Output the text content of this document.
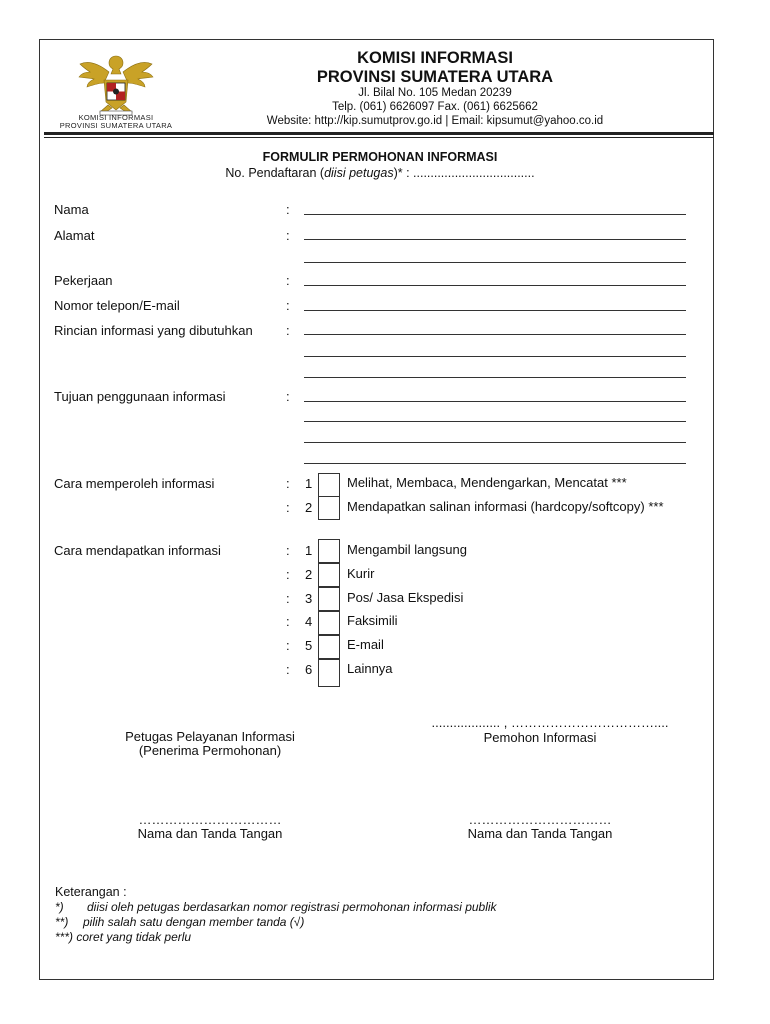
KOMISI INFORMASI
PROVINSI SUMATERA UTARA
KOMISI INFORMASI
PROVINSI SUMATERA UTARA
Jl. Bilal No. 105 Medan 20239
Telp. (061) 6626097 Fax. (061) 6625662
Website: http://kip.sumutprov.go.id | Email: kipsumut@yahoo.co.id
FORMULIR PERMOHONAN INFORMASI
No. Pendaftaran (diisi petugas)* : ...................................
Nama	:
Alamat	:
Pekerjaan	:
Nomor telepon/E-mail	:
Rincian informasi yang dibutuhkan	:
Tujuan penggunaan informasi	:
Cara memperoleh informasi	: 1	Melihat, Membaca, Mendengarkan, Mencatat ***
: 2	Mendapatkan salinan informasi (hardcopy/softcopy) ***
Cara mendapatkan informasi	: 1	Mengambil langsung
: 2	Kurir
: 3	Pos/ Jasa Ekspedisi
: 4	Faksimili
: 5	E-mail
: 6	Lainnya
Petugas Pelayanan Informasi
(Penerima Permohonan)
................... , ……………………………....
Pemohon Informasi
……………………………
Nama dan Tanda Tangan
……………………………
Nama dan Tanda Tangan
Keterangan :
*) diisi oleh petugas berdasarkan nomor registrasi permohonan informasi publik
**) pilih salah satu dengan member tanda (√)
***) coret yang tidak perlu
